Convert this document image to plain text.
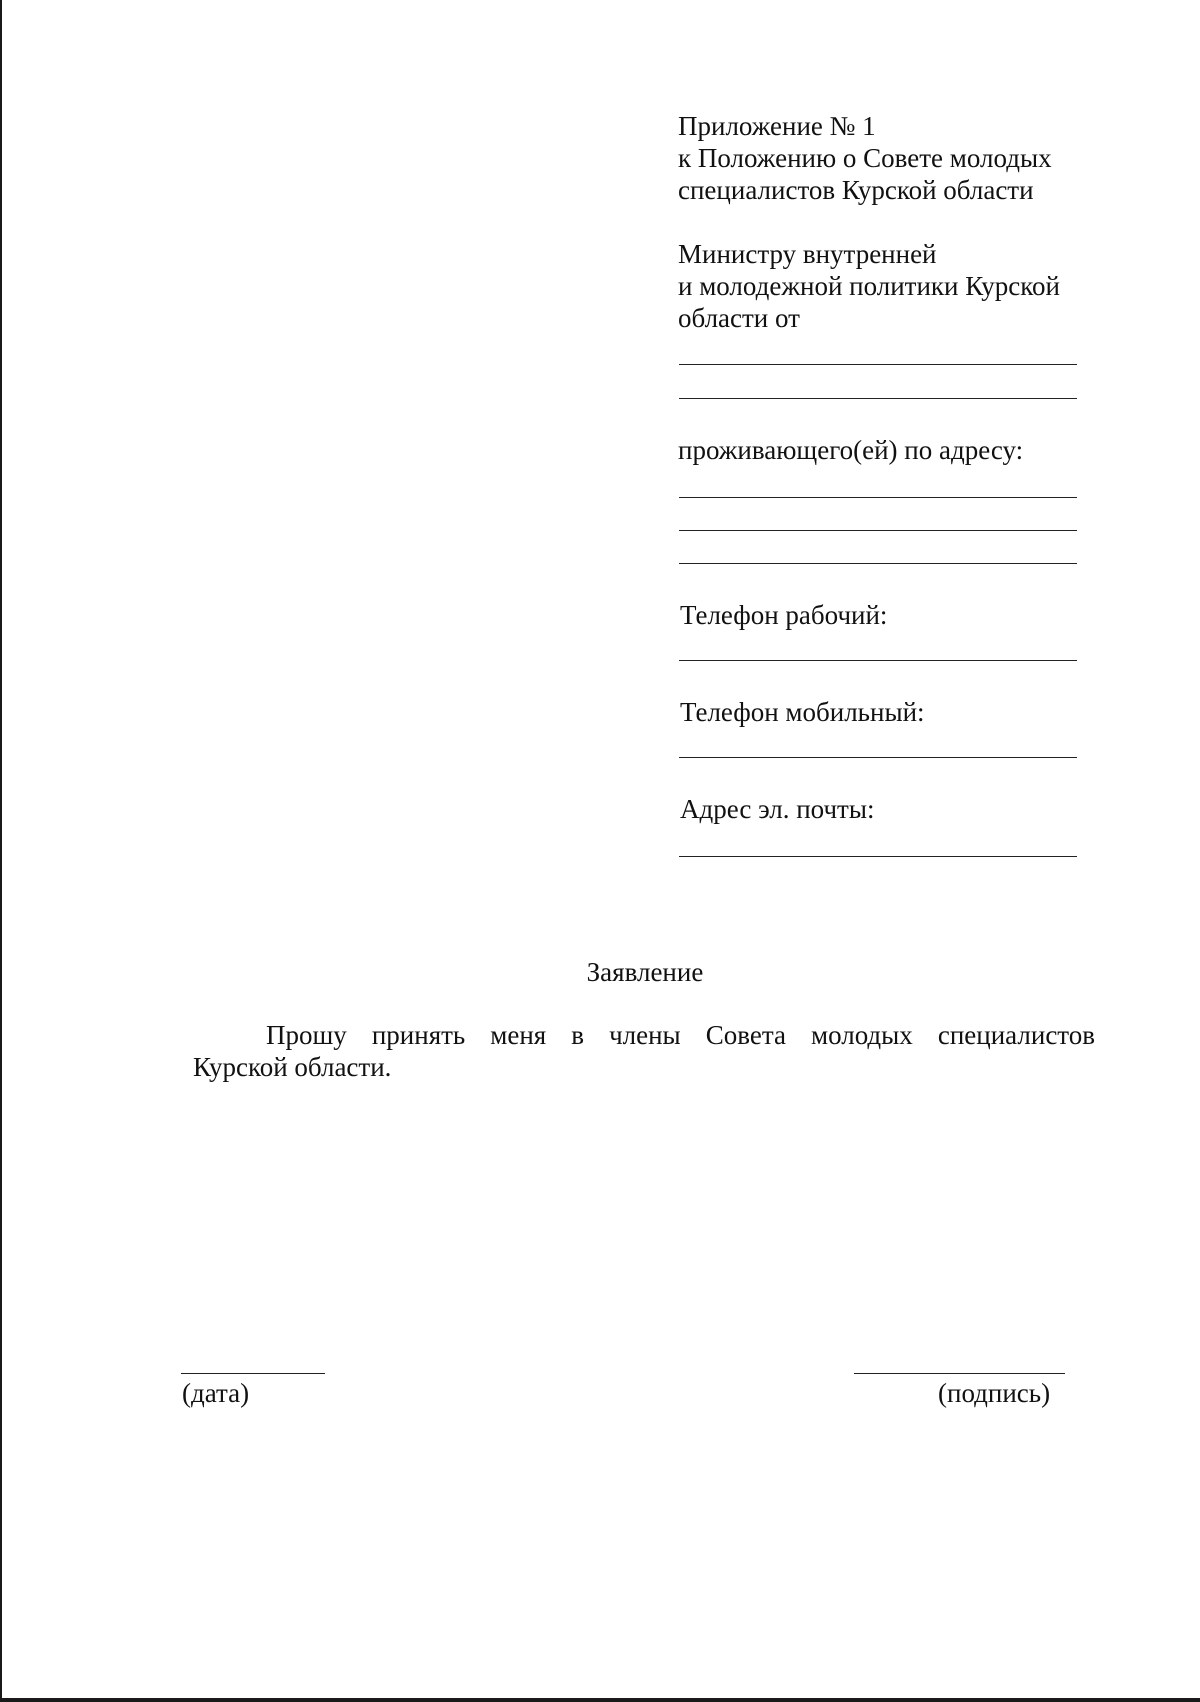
Приложение № 1
к Положению о Совете молодых
специалистов Курской области
Министру внутренней
и молодежной политики Курской
области от
проживающего(ей) по адресу:
Телефон рабочий:
Телефон мобильный:
Адрес эл. почты:
Заявление
Прошу принять меня в члены Совета молодых специалистов
Курской области.
(дата)	(подпись)
